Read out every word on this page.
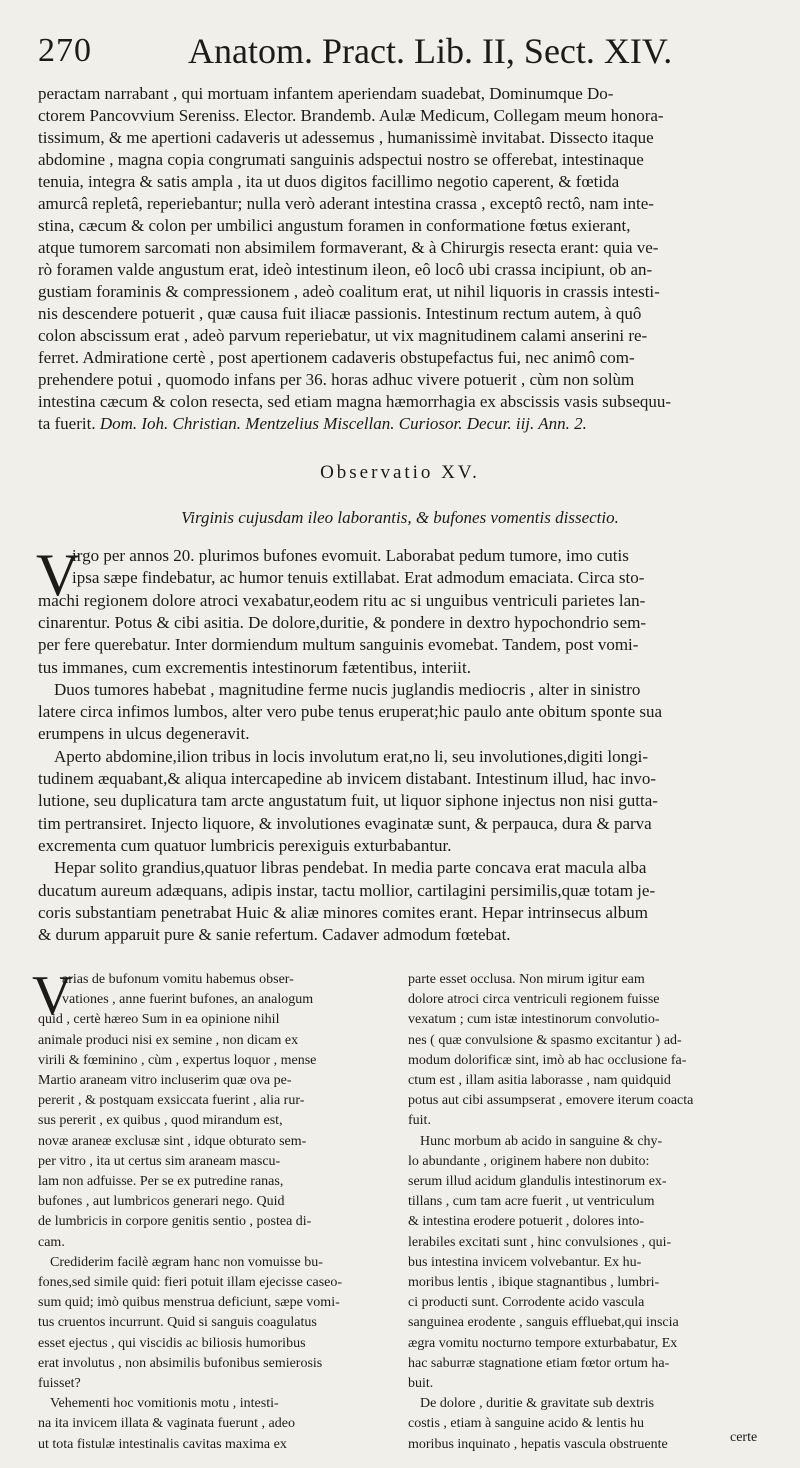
270	Anatom. Pract. Lib. II, Sect. XIV.
peractam narrabant , qui mortuam infantem aperiendam suadebat, Dominumque Do-
ctorem Pancovvium Sereniss. Elector. Brandemb. Aulæ Medicum, Collegam meum honora-
tissimum, & me apertioni cadaveris ut adessemus , humanissimè invitabat. Dissecto itaque
abdomine , magna copia congrumati sanguinis adspectui nostro se offerebat, intestinaque
tenuia, integra & satis ampla , ita ut duos digitos facillimo negotio caperent, & fœtida
amurcâ repletâ, reperiebantur; nulla verò aderant intestina crassa , exceptô rectô, nam inte-
stina, cæcum & colon per umbilici angustum foramen in conformatione fœtus exierant,
atque tumorem sarcomati non absimilem formaverant, & à Chirurgis resecta erant: quia ve-
rò foramen valde angustum erat, ideò intestinum ileon, eô locô ubi crassa incipiunt, ob an-
gustiam foraminis & compressionem , adeò coalitum erat, ut nihil liquoris in crassis intesti-
nis descendere potuerit , quæ causa fuit iliacæ passionis. Intestinum rectum autem, à quô
colon abscissum erat , adeò parvum reperiebatur, ut vix magnitudinem calami anserini re-
ferret. Admiratione certè , post apertionem cadaveris obstupefactus fui, nec animô com-
prehendere potui , quomodo infans per 36. horas adhuc vivere potuerit , cùm non solùm
intestina cæcum & colon resecta, sed etiam magna hæmorrhagia ex abscissis vasis subsequu-
ta fuerit. Dom. Ioh. Christian. Mentzelius Miscellan. Curiosor. Decur. iij. Ann. 2.
Observatio XV.
Virginis cujusdam ileo laborantis, & bufones vomentis dissectio.
V
irgo per annos 20. plurimos bufones evomuit. Laborabat pedum tumore, imo cutis
ipsa sæpe findebatur, ac humor tenuis extillabat. Erat admodum emaciata. Circa sto-
machi regionem dolore atroci vexabatur,eodem ritu ac si unguibus ventriculi parietes lan-
cinarentur. Potus & cibi asitia. De dolore,duritie, & pondere in dextro hypochondrio sem-
per fere querebatur. Inter dormiendum multum sanguinis evomebat. Tandem, post vomi-
tus immanes, cum excrementis intestinorum fætentibus, interiit.
Duos tumores habebat , magnitudine ferme nucis juglandis mediocris , alter in sinistro
latere circa infimos lumbos, alter vero pube tenus eruperat;hic paulo ante obitum sponte sua
erumpens in ulcus degeneravit.
Aperto abdomine,ilion tribus in locis involutum erat,no li, seu involutiones,digiti longi-
tudinem æquabant,& aliqua intercapedine ab invicem distabant. Intestinum illud, hac invo-
lutione, seu duplicatura tam arcte angustatum fuit, ut liquor siphone injectus non nisi gutta-
tim pertransiret. Injecto liquore, & involutiones evaginatæ sunt, & perpauca, dura & parva
excrementa cum quatuor lumbricis perexiguis exturbabantur.
Hepar solito grandius,quatuor libras pendebat. In media parte concava erat macula alba
ducatum aureum adæquans, adipis instar, tactu mollior, cartilagini persimilis,quæ totam je-
coris substantiam penetrabat Huic & aliæ minores comites erant. Hepar intrinsecus album
& durum apparuit pure & sanie refertum. Cadaver admodum fœtebat.
V
arias de bufonum vomitu habemus obser-
vationes , anne fuerint bufones, an analogum
quid , certè hæreo Sum in ea opinione nihil
animale produci nisi ex semine , non dicam ex
virili & fœminino , cùm , expertus loquor , mense
Martio araneam vitro incluserim quæ ova pe-
pererit , & postquam exsiccata fuerint , alia rur-
sus pererit , ex quibus , quod mirandum est,
novæ araneæ exclusæ sint , idque obturato sem-
per vitro , ita ut certus sim araneam mascu-
lam non adfuisse. Per se ex putredine ranas,
bufones , aut lumbricos generari nego. Quid
de lumbricis in corpore genitis sentio , postea di-
cam.
Crediderim facilè ægram hanc non vomuisse bu-
fones,sed simile quid: fieri potuit illam ejecisse caseo-
sum quid; imò quibus menstrua deficiunt, sæpe vomi-
tus cruentos incurrunt. Quid si sanguis coagulatus
esset ejectus , qui viscidis ac biliosis humoribus
erat involutus , non absimilis bufonibus semierosis
fuisset?
Vehementi hoc vomitionis motu , intesti-
na ita invicem illata & vaginata fuerunt , adeo
ut tota fistulæ intestinalis cavitas maxima ex
parte esset occlusa. Non mirum igitur eam
dolore atroci circa ventriculi regionem fuisse
vexatum ; cum istæ intestinorum convolutio-
nes ( quæ convulsione & spasmo excitantur ) ad-
modum dolorificæ sint, imò ab hac occlusione fa-
ctum est , illam asitia laborasse , nam quidquid
potus aut cibi assumpserat , emovere iterum coacta
fuit.
Hunc morbum ab acido in sanguine & chy-
lo abundante , originem habere non dubito:
serum illud acidum glandulis intestinorum ex-
tillans , cum tam acre fuerit , ut ventriculum
& intestina erodere potuerit , dolores into-
lerabiles excitati sunt , hinc convulsiones , qui-
bus intestina invicem volvebantur. Ex hu-
moribus lentis , ibique stagnantibus , lumbri-
ci producti sunt. Corrodente acido vascula
sanguinea erodente , sanguis effluebat,qui inscia
ægra vomitu nocturno tempore exturbabatur, Ex
hac saburræ stagnatione etiam fœtor ortum ha-
buit.
De dolore , duritie & gravitate sub dextris
costis , etiam à sanguine acido & lentis hu
moribus inquinato , hepatis vascula obstruente	certe
